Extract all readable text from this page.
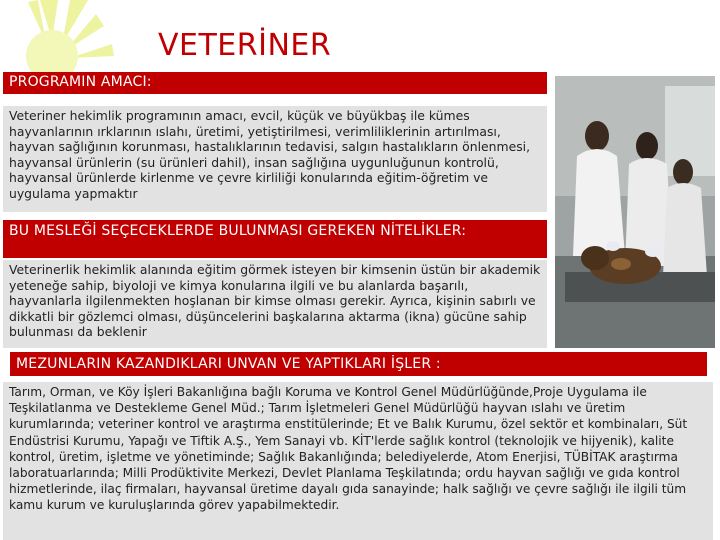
VETERİNER
PROGRAMIN AMACI:
Veteriner hekimlik programının amacı, evcil, küçük ve büyükbaş ile kümes hayvanlarının ırklarının ıslahı, üretimi, yetiştirilmesi, verimliliklerinin artırılması, hayvan sağlığının korunması, hastalıklarının tedavisi, salgın hastalıkların önlenmesi, hayvansal ürünlerin (su ürünleri dahil), insan sağlığına uygunluğunun kontrolü, hayvansal ürünlerde kirlenme ve çevre kirliliği konularında eğitim-öğretim ve uygulama yapmaktır
BU MESLEĞİ SEÇECEKLERDE BULUNMASI GEREKEN NİTELİKLER:
Veterinerlik hekimlik alanında eğitim görmek isteyen bir kimsenin üstün bir akademik yeteneğe sahip, biyoloji ve kimya konularına ilgili ve bu alanlarda başarılı, hayvanlarla ilgilenmekten hoşlanan bir kimse olması gerekir. Ayrıca, kişinin sabırlı ve dikkatli bir gözlemci olması, düşüncelerini başkalarına aktarma (ikna) gücüne sahip bulunması da beklenir
MEZUNLARIN KAZANDIKLARI UNVAN VE YAPTIKLARI İŞLER :
Tarım, Orman, ve Köy İşleri Bakanlığına bağlı Koruma ve Kontrol Genel Müdürlüğünde,Proje Uygulama ile Teşkilatlanma ve Destekleme Genel Müd.; Tarım İşletmeleri Genel Müdürlüğü hayvan ıslahı ve üretim kurumlarında; veteriner kontrol ve araştırma enstitülerinde; Et ve Balık Kurumu, özel sektör et kombinaları, Süt Endüstrisi Kurumu, Yapağı ve Tiftik A.Ş., Yem Sanayi vb. KİT'lerde sağlık kontrol (teknolojik ve hijyenik), kalite kontrol, üretim, işletme ve yönetiminde; Sağlık Bakanlığında; belediyelerde, Atom Enerjisi, TÜBİTAK araştırma laboratuarlarında; Milli Prodüktivite Merkezi, Devlet Planlama Teşkilatında; ordu hayvan sağlığı ve gıda kontrol hizmetlerinde, ilaç firmaları, hayvansal üretime dayalı gıda sanayinde; halk sağlığı ve çevre sağlığı ile ilgili tüm kamu kurum ve kuruluşlarında görev yapabilmektedir.
